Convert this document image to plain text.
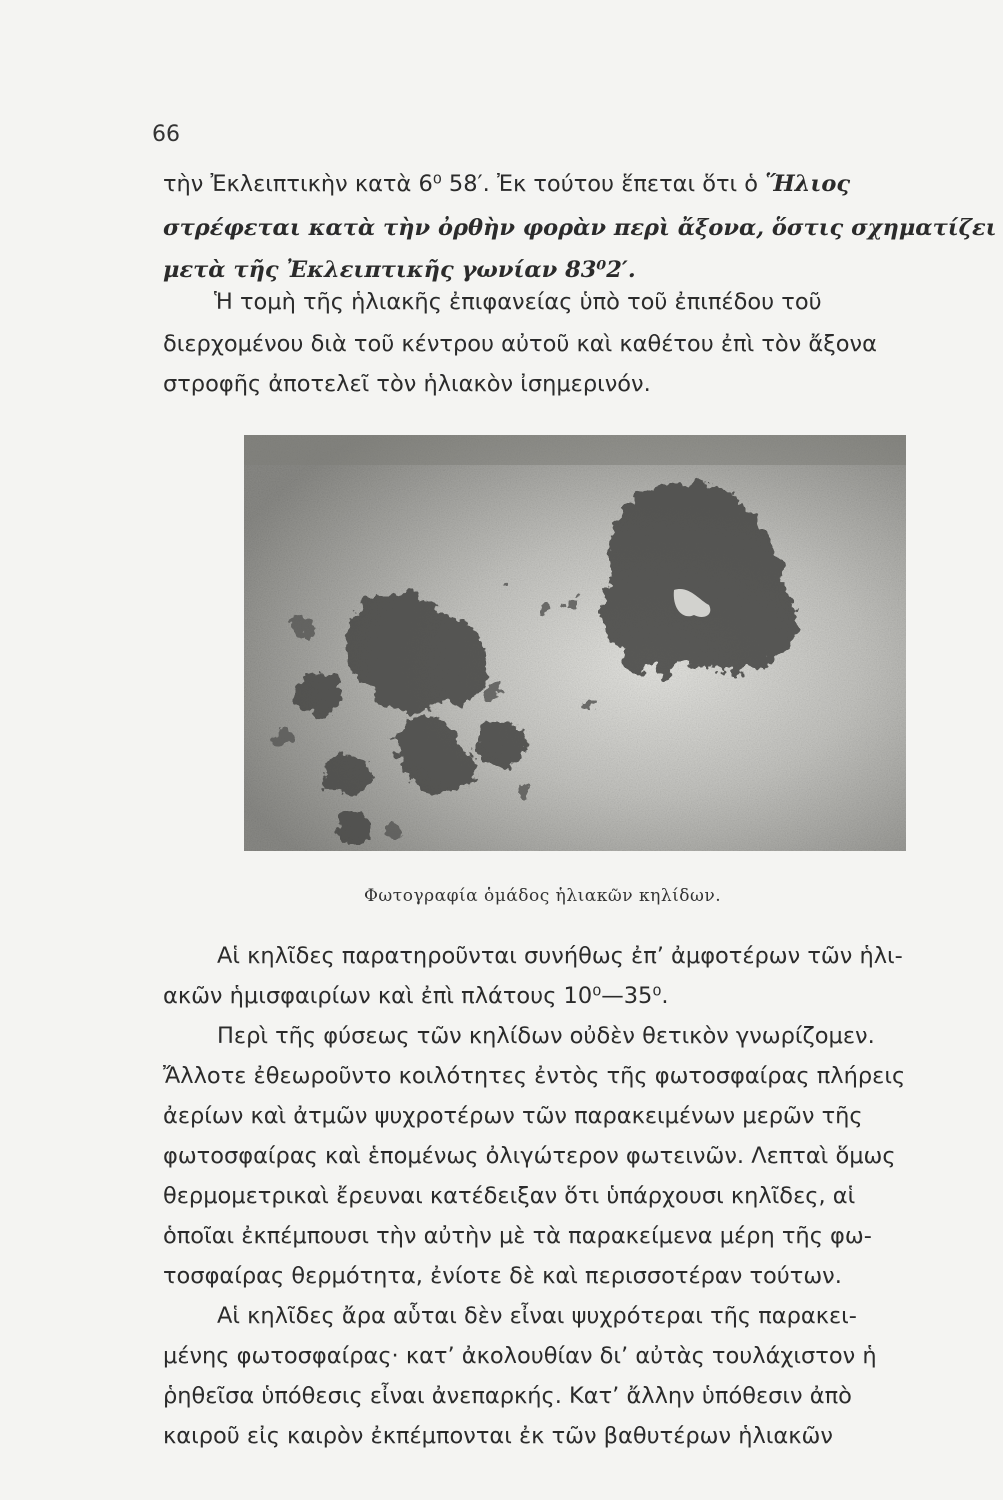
66
τὴν Ἐκλειπτικὴν κατὰ 6⁰ 58′. Ἐκ τούτου ἕπεται ὅτι ὁ Ἥλιος
στρέφεται κατὰ τὴν ὀρθὴν φορὰν περὶ ἄξονα, ὅστις σχηματίζει
μετὰ τῆς Ἐκλειπτικῆς γωνίαν 83⁰2′.
Ἡ τομὴ τῆς ἡλιακῆς ἐπιφανείας ὑπὸ τοῦ ἐπιπέδου τοῦ
διερχομένου διὰ τοῦ κέντρου αὐτοῦ καὶ καθέτου ἐπὶ τὸν ἄξονα
στροφῆς ἀποτελεῖ τὸν ἡλιακὸν ἰσημερινόν.
Φωτογραφία ὁμάδος ἡλιακῶν κηλίδων.
Αἱ κηλῖδες παρατηροῦνται συνήθως ἐπ’ ἀμφοτέρων τῶν ἡλι-
ακῶν ἡμισφαιρίων καὶ ἐπὶ πλάτους 10⁰—35⁰.
Περὶ τῆς φύσεως τῶν κηλίδων οὐδὲν θετικὸν γνωρίζομεν.
Ἄλλοτε ἐθεωροῦντο κοιλότητες ἐντὸς τῆς φωτοσφαίρας πλήρεις
ἀερίων καὶ ἀτμῶν ψυχροτέρων τῶν παρακειμένων μερῶν τῆς
φωτοσφαίρας καὶ ἑπομένως ὀλιγώτερον φωτεινῶν. Λεπταὶ ὅμως
θερμομετρικαὶ ἔρευναι κατέδειξαν ὅτι ὑπάρχουσι κηλῖδες, αἱ
ὁποῖαι ἐκπέμπουσι τὴν αὐτὴν μὲ τὰ παρακείμενα μέρη τῆς φω-
τοσφαίρας θερμότητα, ἐνίοτε δὲ καὶ περισσοτέραν τούτων.
Αἱ κηλῖδες ἄρα αὗται δὲν εἶναι ψυχρότεραι τῆς παρακει-
μένης φωτοσφαίρας· κατ’ ἀκολουθίαν δι’ αὐτὰς τουλάχιστον ἡ
ῥηθεῖσα ὑπόθεσις εἶναι ἀνεπαρκής. Κατ’ ἄλλην ὑπόθεσιν ἀπὸ
καιροῦ εἰς καιρὸν ἐκπέμπονται ἐκ τῶν βαθυτέρων ἡλιακῶν
